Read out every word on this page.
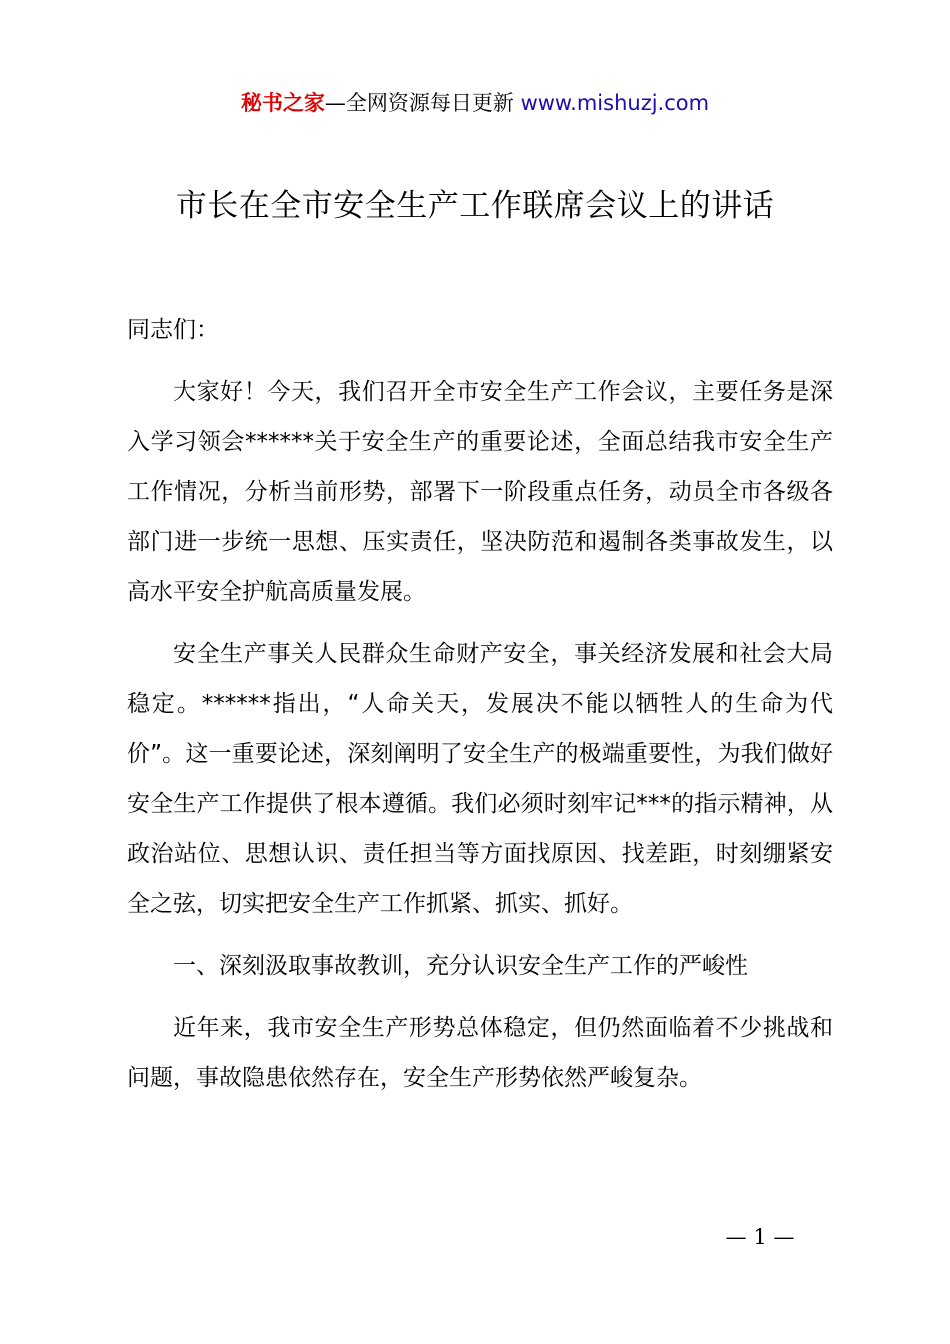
秘书之家—全网资源每日更新 www.mishuzj.com
市长在全市安全生产工作联席会议上的讲话

同志们：

大家好！今天，我们召开全市安全生产工作会议，主要任务是深入学习领会******关于安全生产的重要论述，全面总结我市安全生产工作情况，分析当前形势，部署下一阶段重点任务，动员全市各级各部门进一步统一思想、压实责任，坚决防范和遏制各类事故发生，以高水平安全护航高质量发展。

安全生产事关人民群众生命财产安全，事关经济发展和社会大局稳定。******指出，“人命关天，发展决不能以牺牲人的生命为代价”。这一重要论述，深刻阐明了安全生产的极端重要性，为我们做好安全生产工作提供了根本遵循。我们必须时刻牢记***的指示精神，从政治站位、思想认识、责任担当等方面找原因、找差距，时刻绷紧安全之弦，切实把安全生产工作抓紧、抓实、抓好。

一、深刻汲取事故教训，充分认识安全生产工作的严峻性

近年来，我市安全生产形势总体稳定，但仍然面临着不少挑战和问题，事故隐患依然存在，安全生产形势依然严峻复杂。

— 1 —
